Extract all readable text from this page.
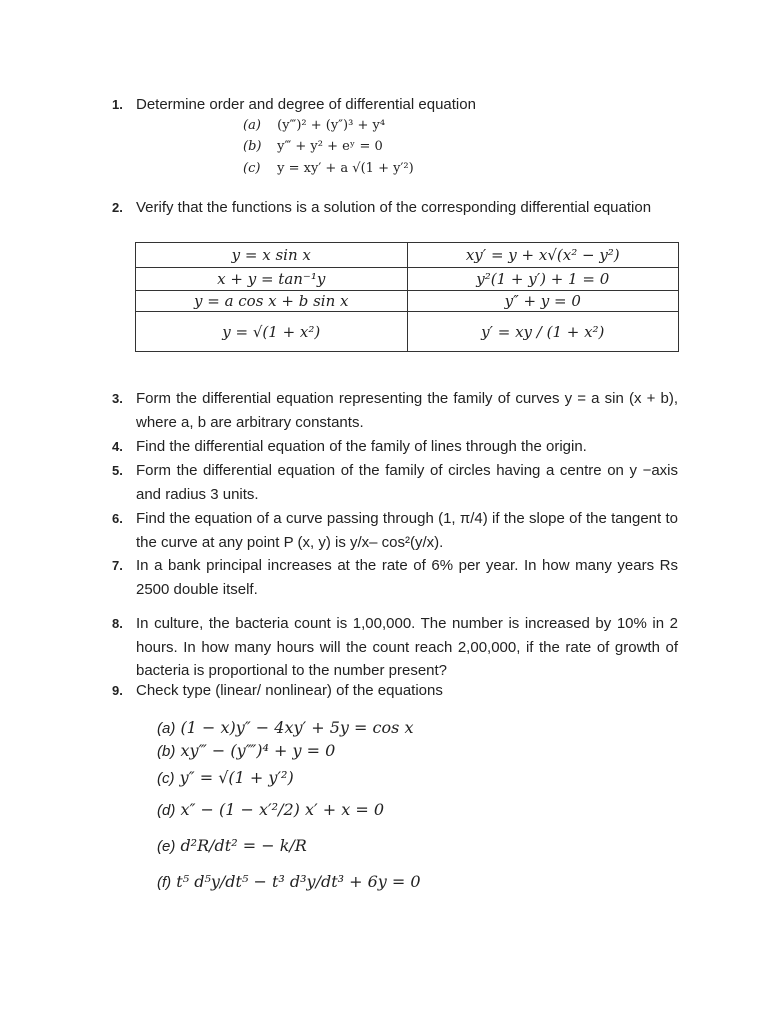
1. Determine order and degree of differential equation
(a) (y‴)² + (y″)³ + y⁴
(b) y‴ + y² + eʸ = 0
(c) y = xy′ + a √(1 + y′²)
2. Verify that the functions is a solution of the corresponding differential equation
y = x sin x	xy′ = y + x√(x² − y²)
x + y = tan⁻¹y	y²(1 + y′) + 1 = 0
y = a cos x + b sin x	y″ + y = 0
y = √(1 + x²)	y′ = xy / (1 + x²)
3. Form the differential equation representing the family of curves y = a sin (x + b), where a, b are arbitrary constants.
4. Find the differential equation of the family of lines through the origin.
5. Form the differential equation of the family of circles having a centre on y −axis and radius 3 units.
6. Find the equation of a curve passing through (1, π/4) if the slope of the tangent to the curve at any point P (x, y) is y/x– cos²(y/x).
7. In a bank principal increases at the rate of 6% per year. In how many years Rs 2500 double itself.
8. In culture, the bacteria count is 1,00,000. The number is increased by 10% in 2 hours. In how many hours will the count reach 2,00,000, if the rate of growth of bacteria is proportional to the number present?
9. Check type (linear/ nonlinear) of the equations
(a) (1 − x)y″ − 4xy′ + 5y = cos x
(b) xy‴ − (y⁗)⁴ + y = 0
(c) y″ = √(1 + y′²)
(d) x″ − (1 − x′²/2) x′ + x = 0
(e) d²R/dt² = − k/R
(f) t⁵ d⁵y/dt⁵ − t³ d³y/dt³ + 6y = 0
